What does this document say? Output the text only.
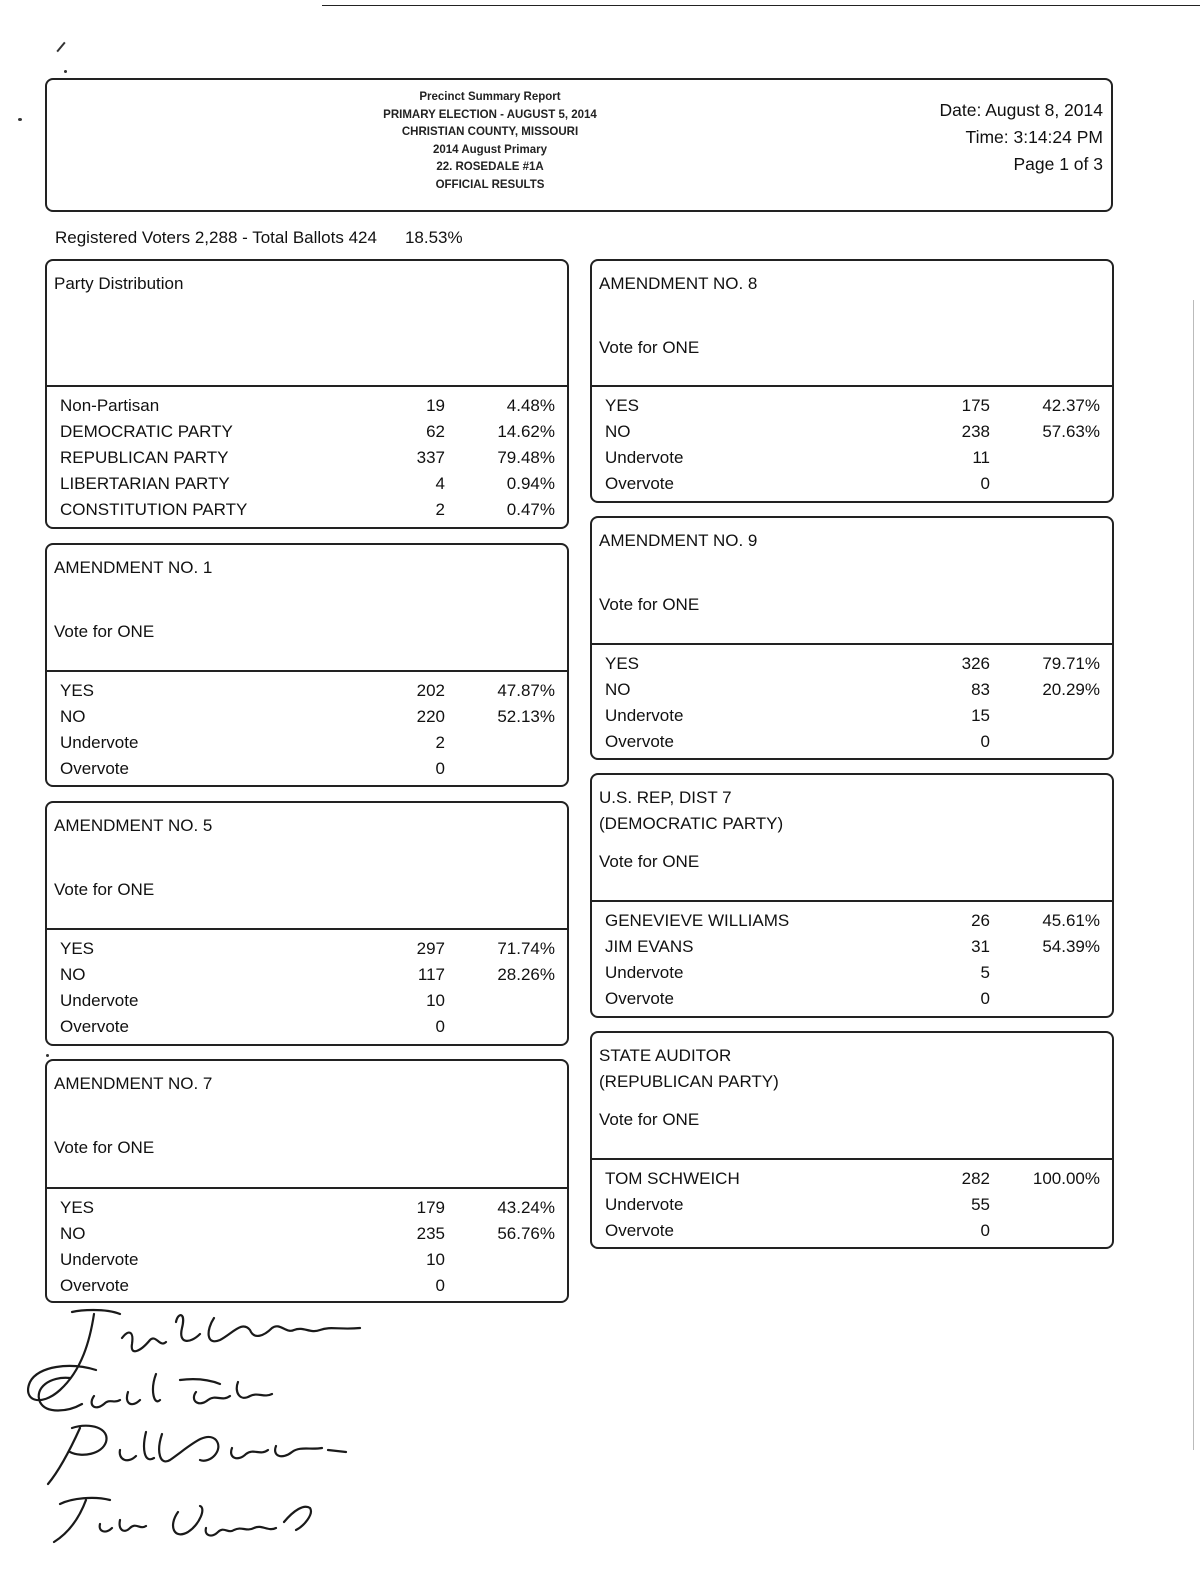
Precinct Summary Report
PRIMARY ELECTION - AUGUST 5, 2014
CHRISTIAN COUNTY, MISSOURI
2014 August Primary
22. ROSEDALE #1A
OFFICIAL RESULTS
Date: August 8, 2014
Time: 3:14:24 PM
Page 1 of 3
Registered Voters 2,288 - Total Ballots 424 18.53%
Party Distribution
Non-Partisan	19	4.48%
DEMOCRATIC PARTY	62	14.62%
REPUBLICAN PARTY	337	79.48%
LIBERTARIAN PARTY	4	0.94%
CONSTITUTION PARTY	2	0.47%
AMENDMENT NO. 1
Vote for ONE
YES	202	47.87%
NO	220	52.13%
Undervote	2
Overvote	0
AMENDMENT NO. 5
Vote for ONE
YES	297	71.74%
NO	117	28.26%
Undervote	10
Overvote	0
AMENDMENT NO. 7
Vote for ONE
YES	179	43.24%
NO	235	56.76%
Undervote	10
Overvote	0
AMENDMENT NO. 8
Vote for ONE
YES	175	42.37%
NO	238	57.63%
Undervote	11
Overvote	0
AMENDMENT NO. 9
Vote for ONE
YES	326	79.71%
NO	83	20.29%
Undervote	15
Overvote	0
U.S. REP, DIST 7
(DEMOCRATIC PARTY)
Vote for ONE
GENEVIEVE WILLIAMS	26	45.61%
JIM EVANS	31	54.39%
Undervote	5
Overvote	0
STATE AUDITOR
(REPUBLICAN PARTY)
Vote for ONE
TOM SCHWEICH	282	100.00%
Undervote	55
Overvote	0
